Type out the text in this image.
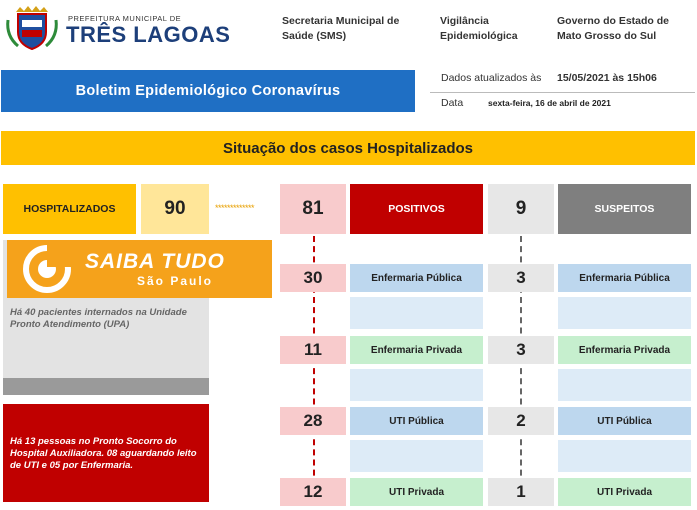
PREFEITURA MUNICIPAL DE
TRÊS LAGOAS
Secretaria Municipal de
Saúde (SMS)
Vigilância
Epidemiológica
Governo do Estado de
Mato Grosso do Sul
Boletim Epidemiológico Coronavírus
Dados atualizados às 15/05/2021 às 15h06
Data	sexta-feira, 16 de abril de 2021
Situação dos casos Hospitalizados
HOSPITALIZADOS	90	*************	81	POSITIVOS	9	SUSPEITOS
SAIBA TUDO
São Paulo
Há 40 pacientes internados na Unidade Pronto Atendimento (UPA)
Há 13 pessoas no Pronto Socorro do Hospital Auxiliadora. 08 aguardando leito de UTI e 05 por Enfermaria.
30	Enfermaria Pública	3	Enfermaria Pública
11	Enfermaria Privada	3	Enfermaria Privada
28	UTI Pública	2	UTI Pública
12	UTI Privada	1	UTI Privada
